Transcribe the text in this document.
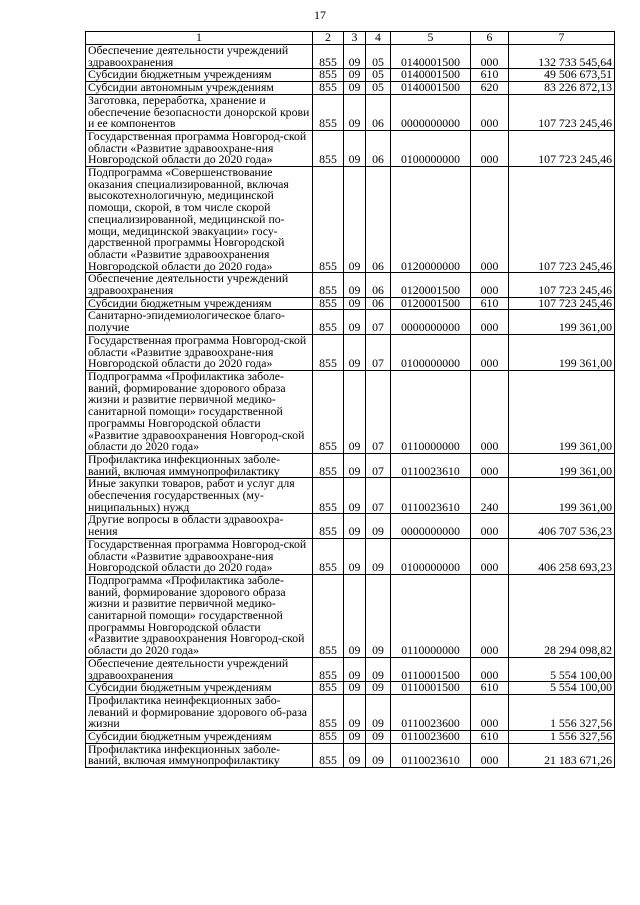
17
1	2	3	4	5	6	7
Обеспечение деятельности учреждений здравоохранения	855	09	05	0140001500	000	132 733 545,64
Субсидии бюджетным учреждениям	855	09	05	0140001500	610	49 506 673,51
Субсидии автономным учреждениям	855	09	05	0140001500	620	83 226 872,13
Заготовка, переработка, хранение и обеспечение безопасности донорской крови и ее компонентов	855	09	06	0000000000	000	107 723 245,46
Государственная программа Новгород-ской области «Развитие здравоохране-ния Новгородской области до 2020 года»	855	09	06	0100000000	000	107 723 245,46
Подпрограмма «Совершенствование оказания специализированной, включая высокотехнологичную, медицинской помощи, скорой, в том числе скорой специализированной, медицинской по-мощи, медицинской эвакуации» госу-дарственной программы Новгородской области «Развитие здравоохранения Новгородской области до 2020 года»	855	09	06	0120000000	000	107 723 245,46
Обеспечение деятельности учреждений здравоохранения	855	09	06	0120001500	000	107 723 245,46
Субсидии бюджетным учреждениям	855	09	06	0120001500	610	107 723 245,46
Санитарно-эпидемиологическое благо-получие	855	09	07	0000000000	000	199 361,00
Государственная программа Новгород-ской области «Развитие здравоохране-ния Новгородской области до 2020 года»	855	09	07	0100000000	000	199 361,00
Подпрограмма «Профилактика заболе-ваний, формирование здорового образа жизни и развитие первичной медико-санитарной помощи» государственной программы Новгородской области «Развитие здравоохранения Новгород-ской области до 2020 года»	855	09	07	0110000000	000	199 361,00
Профилактика инфекционных заболе-ваний, включая иммунопрофилактику	855	09	07	0110023610	000	199 361,00
Иные закупки товаров, работ и услуг для обеспечения государственных (му-ниципальных) нужд	855	09	07	0110023610	240	199 361,00
Другие вопросы в области здравоохра-нения	855	09	09	0000000000	000	406 707 536,23
Государственная программа Новгород-ской области «Развитие здравоохране-ния Новгородской области до 2020 года»	855	09	09	0100000000	000	406 258 693,23
Подпрограмма «Профилактика заболе-ваний, формирование здорового образа жизни и развитие первичной медико-санитарной помощи» государственной программы Новгородской области «Развитие здравоохранения Новгород-ской области до 2020 года»	855	09	09	0110000000	000	28 294 098,82
Обеспечение деятельности учреждений здравоохранения	855	09	09	0110001500	000	5 554 100,00
Субсидии бюджетным учреждениям	855	09	09	0110001500	610	5 554 100,00
Профилактика неинфекционных забо-леваний и формирование здорового об-раза жизни	855	09	09	0110023600	000	1 556 327,56
Субсидии бюджетным учреждениям	855	09	09	0110023600	610	1 556 327,56
Профилактика инфекционных заболе-ваний, включая иммунопрофилактику	855	09	09	0110023610	000	21 183 671,26
